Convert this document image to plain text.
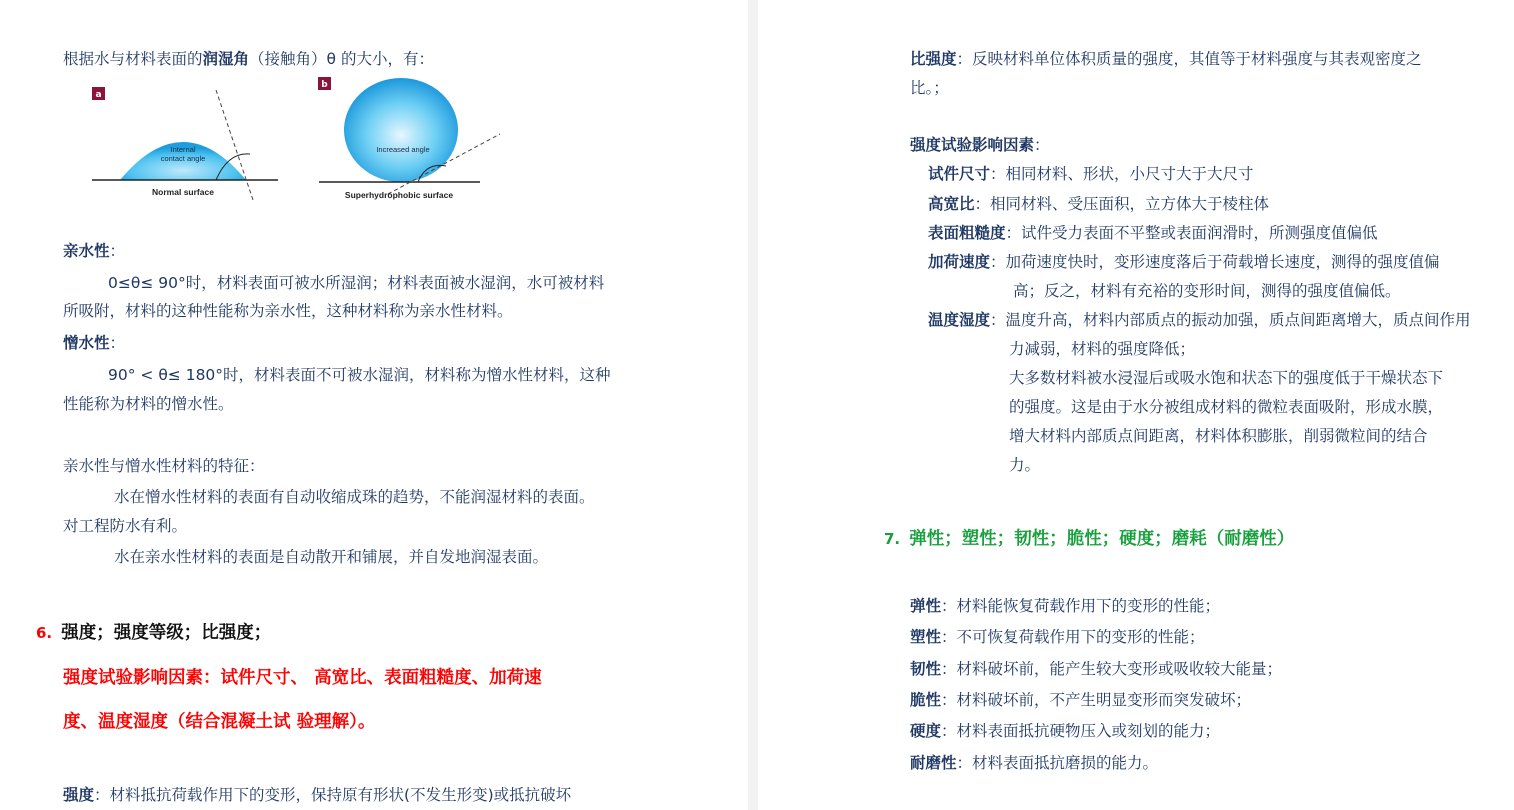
根据水与材料表面的润湿角（接触角）θ 的大小，有：
a
Internal
contact angle
Normal surface
b
Increased angle
Superhydrophobic surface
亲水性：
0≤θ≤ 90°时，材料表面可被水所湿润；材料表面被水湿润，水可被材料
所吸附，材料的这种性能称为亲水性，这种材料称为亲水性材料。
憎水性：
90° < θ≤ 180°时，材料表面不可被水湿润，材料称为憎水性材料，这种
性能称为材料的憎水性。
亲水性与憎水性材料的特征：
水在憎水性材料的表面有自动收缩成珠的趋势，不能润湿材料的表面。
对工程防水有利。
水在亲水性材料的表面是自动散开和铺展，并自发地润湿表面。
6. 强度；强度等级；比强度；
强度试验影响因素：试件尺寸、 高宽比、表面粗糙度、加荷速
度、温度湿度（结合混凝土试 验理解）。
强度：材料抵抗荷载作用下的变形，保持原有形状(不发生形变)或抵抗破坏
比强度：反映材料单位体积质量的强度，其值等于材料强度与其表观密度之
比。；
强度试验影响因素：
试件尺寸：相同材料、形状，小尺寸大于大尺寸
高宽比：相同材料、受压面积，立方体大于棱柱体
表面粗糙度：试件受力表面不平整或表面润滑时，所测强度值偏低
加荷速度：加荷速度快时，变形速度落后于荷载增长速度，测得的强度值偏
高；反之，材料有充裕的变形时间，测得的强度值偏低。
温度湿度：温度升高，材料内部质点的振动加强，质点间距离增大，质点间作用
力减弱，材料的强度降低；
大多数材料被水浸湿后或吸水饱和状态下的强度低于干燥状态下
的强度。这是由于水分被组成材料的微粒表面吸附，形成水膜，
增大材料内部质点间距离，材料体积膨胀，削弱微粒间的结合
力。
7. 弹性；塑性；韧性；脆性；硬度；磨耗（耐磨性）
弹性：材料能恢复荷载作用下的变形的性能；
塑性：不可恢复荷载作用下的变形的性能；
韧性：材料破坏前，能产生较大变形或吸收较大能量；
脆性：材料破坏前，不产生明显变形而突发破坏；
硬度：材料表面抵抗硬物压入或刻划的能力；
耐磨性：材料表面抵抗磨损的能力。
